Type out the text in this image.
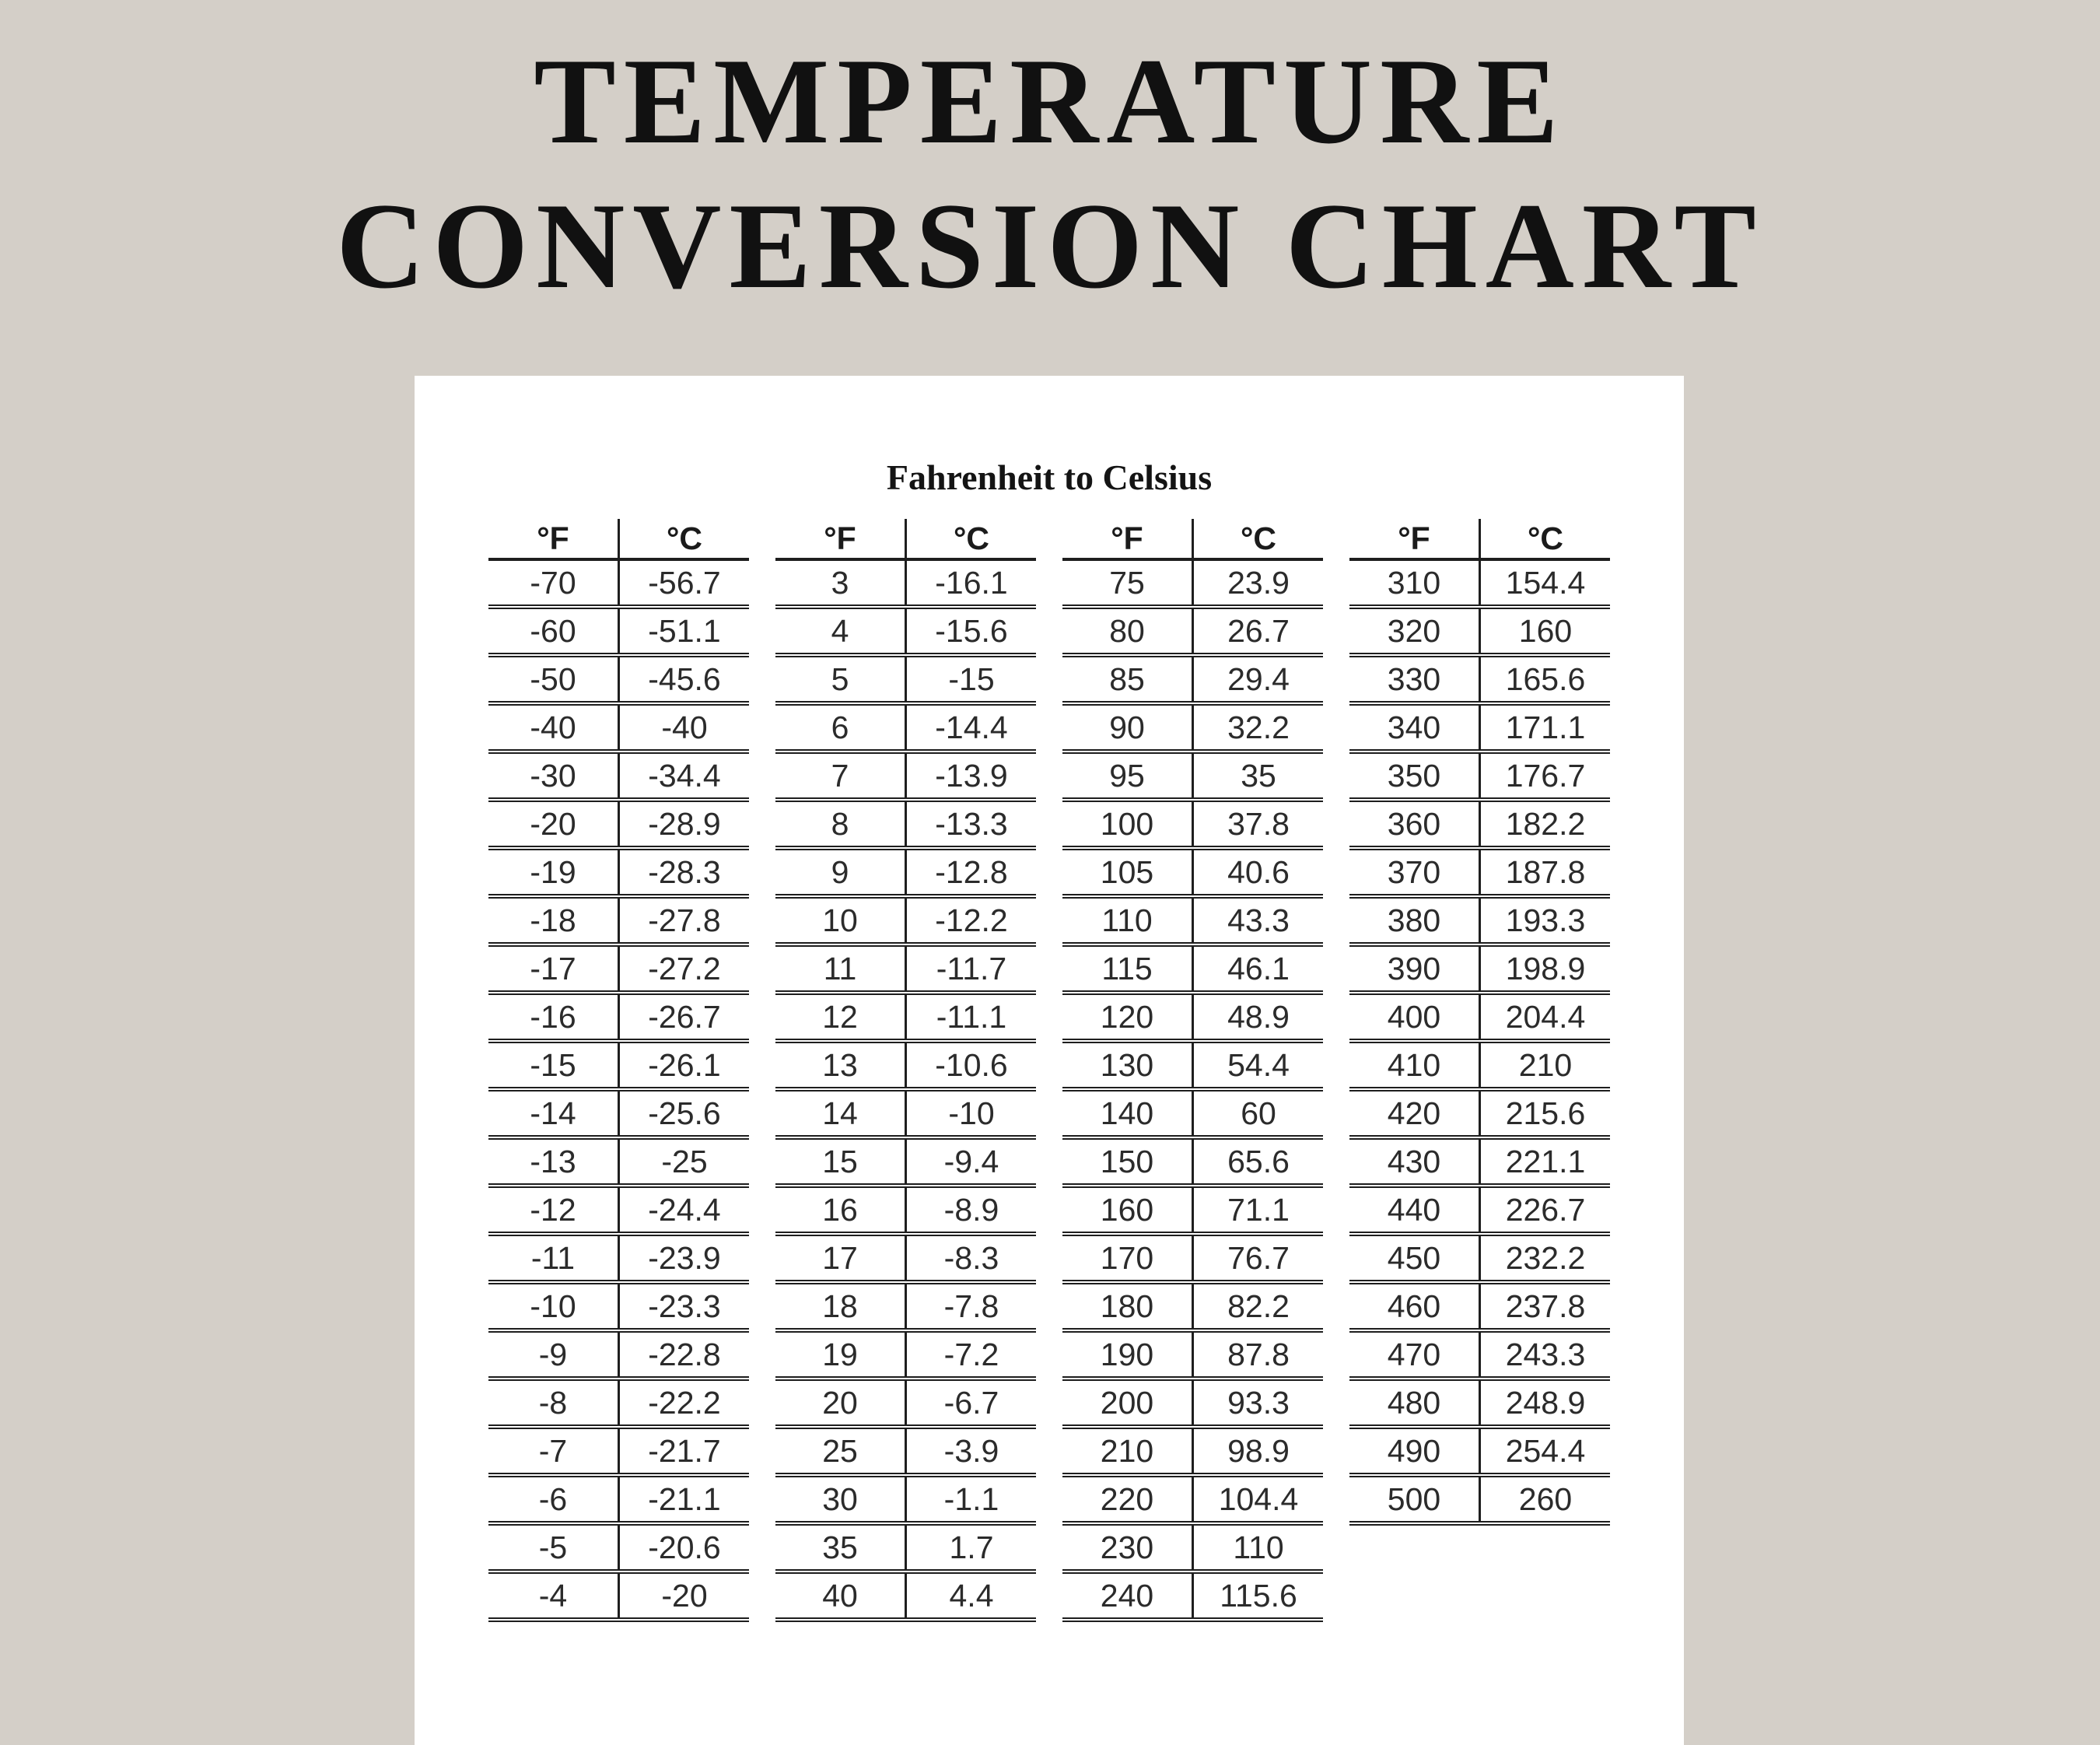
TEMPERATURE
CONVERSION CHART
Fahrenheit to Celsius
°F	°C
-70	-56.7
-60	-51.1
-50	-45.6
-40	-40
-30	-34.4
-20	-28.9
-19	-28.3
-18	-27.8
-17	-27.2
-16	-26.7
-15	-26.1
-14	-25.6
-13	-25
-12	-24.4
-11	-23.9
-10	-23.3
-9	-22.8
-8	-22.2
-7	-21.7
-6	-21.1
-5	-20.6
-4	-20
°F	°C
3	-16.1
4	-15.6
5	-15
6	-14.4
7	-13.9
8	-13.3
9	-12.8
10	-12.2
11	-11.7
12	-11.1
13	-10.6
14	-10
15	-9.4
16	-8.9
17	-8.3
18	-7.8
19	-7.2
20	-6.7
25	-3.9
30	-1.1
35	1.7
40	4.4
°F	°C
75	23.9
80	26.7
85	29.4
90	32.2
95	35
100	37.8
105	40.6
110	43.3
115	46.1
120	48.9
130	54.4
140	60
150	65.6
160	71.1
170	76.7
180	82.2
190	87.8
200	93.3
210	98.9
220	104.4
230	110
240	115.6
°F	°C
310	154.4
320	160
330	165.6
340	171.1
350	176.7
360	182.2
370	187.8
380	193.3
390	198.9
400	204.4
410	210
420	215.6
430	221.1
440	226.7
450	232.2
460	237.8
470	243.3
480	248.9
490	254.4
500	260
